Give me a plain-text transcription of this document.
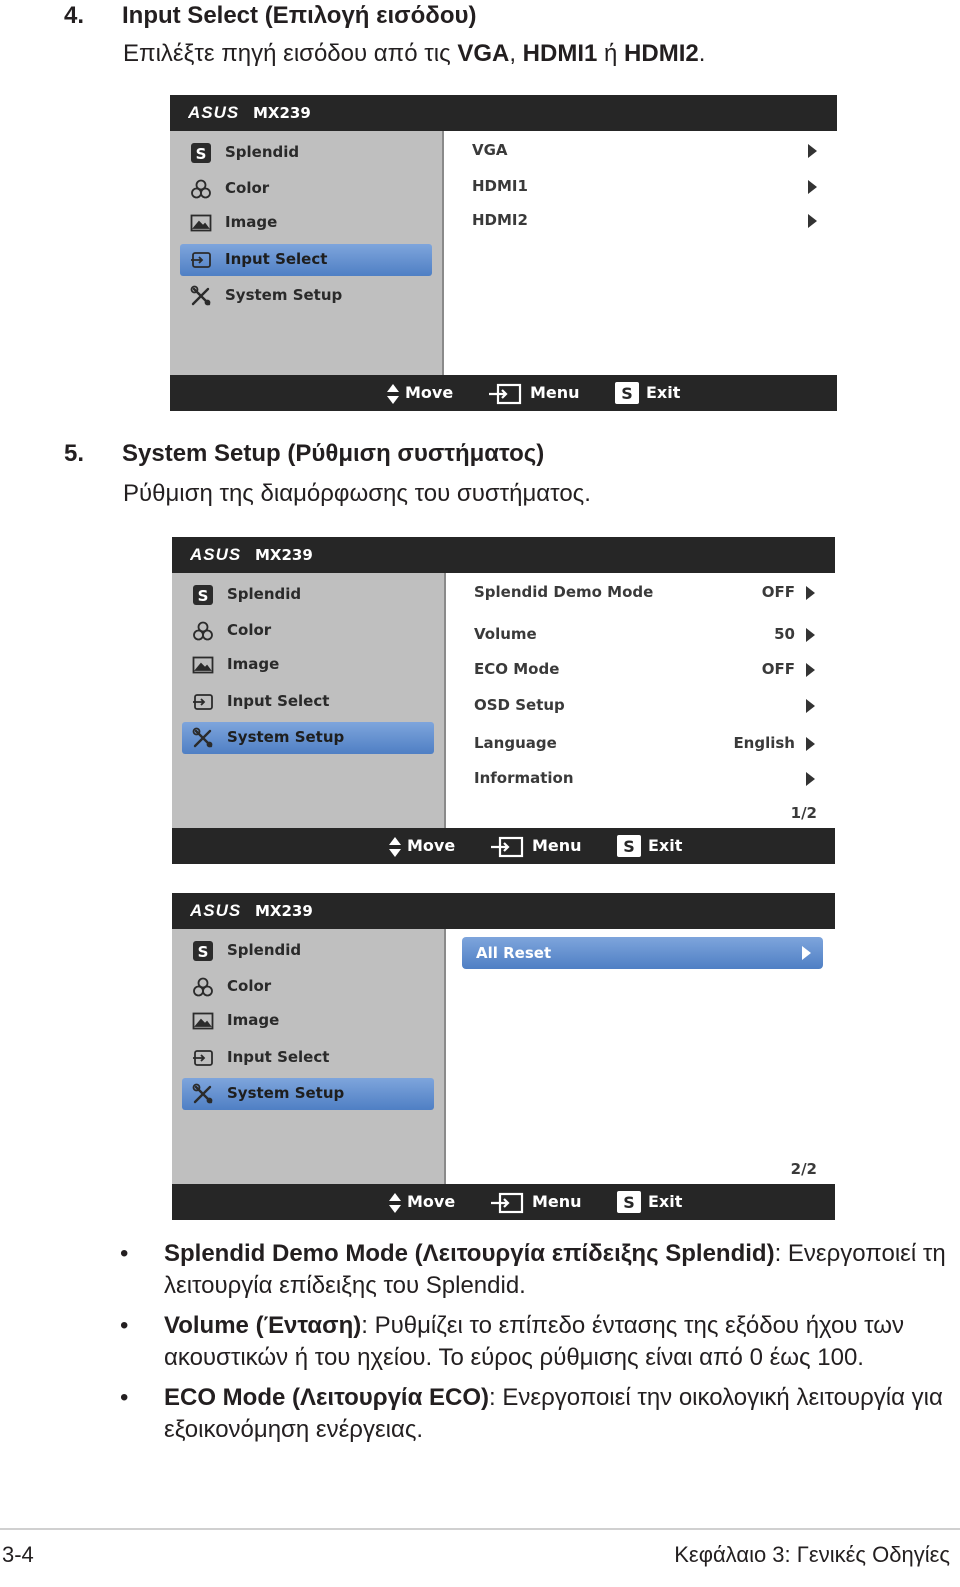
4. Input Select (Επιλογή εισόδου)
Επιλέξτε πηγή εισόδου από τις VGA, HDMI1 ή HDMI2.
ASUS MX239
S Splendid
Color
Image
Input Select
System Setup
VGA
HDMI1
HDMI2
Move	Menu	S Exit
5. System Setup (Ρύθμιση συστήματος)
Ρύθμιση της διαμόρφωσης του συστήματος.
ASUS MX239
S Splendid
Color
Image
Input Select
System Setup
Splendid Demo Mode	OFF
Volume	50
ECO Mode	OFF
OSD Setup
Language	English
Information
1/2
Move	Menu	S Exit
ASUS MX239
S Splendid
Color
Image
Input Select
System Setup
All Reset
2/2
Move	Menu	S Exit
• Splendid Demo Mode (Λειτουργία επίδειξης Splendid): Ενεργοποιεί τη λειτουργία επίδειξης του Splendid.
• Volume (Ένταση): Ρυθμίζει το επίπεδο έντασης της εξόδου ήχου των ακουστικών ή του ηχείου. Το εύρος ρύθμισης είναι από 0 έως 100.
• ECO Mode (Λειτουργία ECO): Ενεργοποιεί την οικολογική λειτουργία για εξοικονόμηση ενέργειας.
3-4	Κεφάλαιο 3: Γενικές Οδηγίες
